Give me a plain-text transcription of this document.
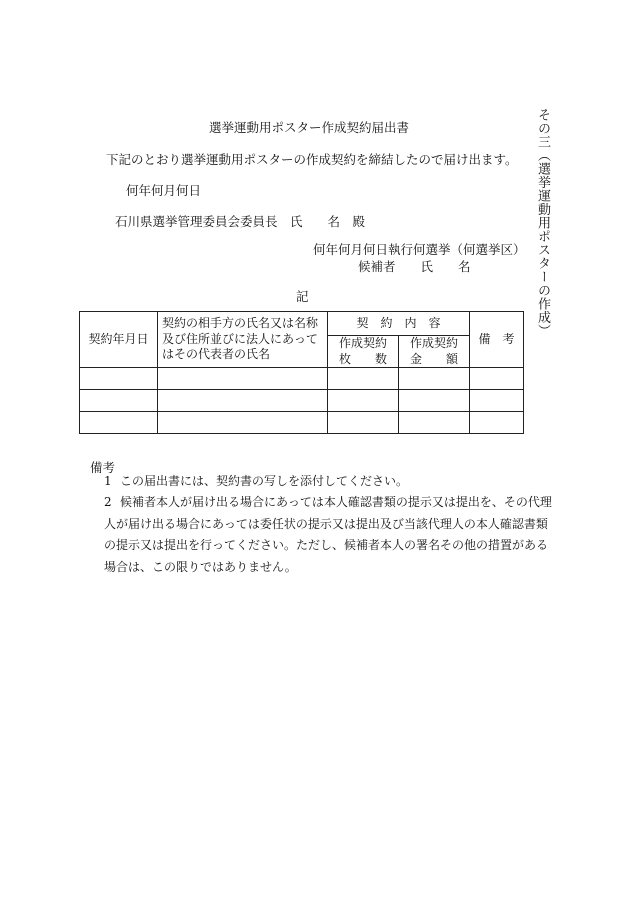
選挙運動用ポスター作成契約届出書
下記のとおり選挙運動用ポスターの作成契約を締結したので届け出ます。
何年何月何日
石川県選挙管理委員会委員長　氏　　名　殿
何年何月何日執行何選挙（何選挙区）
候補者　　氏　　名
記	その三（選挙運動用ポスターの作成）
契約年月日	契約の相手方の氏名又は名称及び住所並びに法人にあってはその代表者の氏名	契　約　内　容		備　考
		作成契約　枚　　数	作成契約　金　　額	

備考
1 この届出書には、契約書の写しを添付してください。
2 候補者本人が届け出る場合にあっては本人確認書類の提示又は提出を、その代理人が届け出る場合にあっては委任状の提示又は提出及び当該代理人の本人確認書類の提示又は提出を行ってください。ただし、候補者本人の署名その他の措置がある場合は、この限りではありません。
